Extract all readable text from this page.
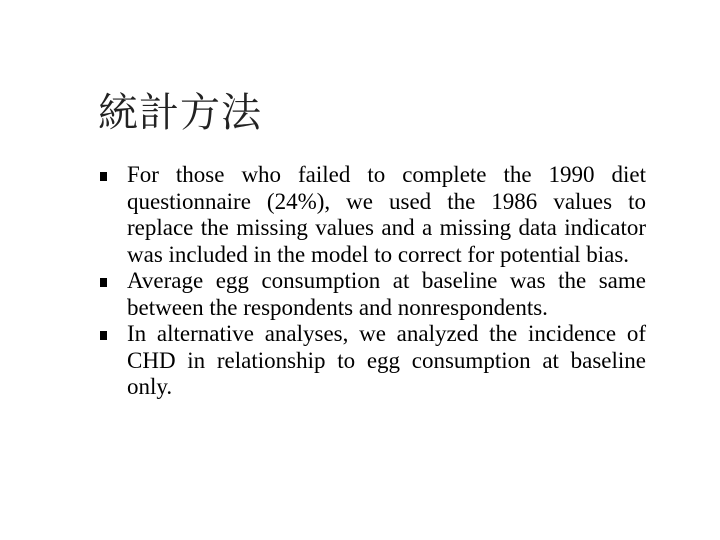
統計方法
For those who failed to complete the 1990 diet questionnaire (24%), we used the 1986 values to replace the missing values and a missing data indicator was included in the model to correct for potential bias.
Average egg consumption at baseline was the same between the respondents and nonrespondents.
In alternative analyses, we analyzed the incidence of CHD in relationship to egg consumption at baseline only.
